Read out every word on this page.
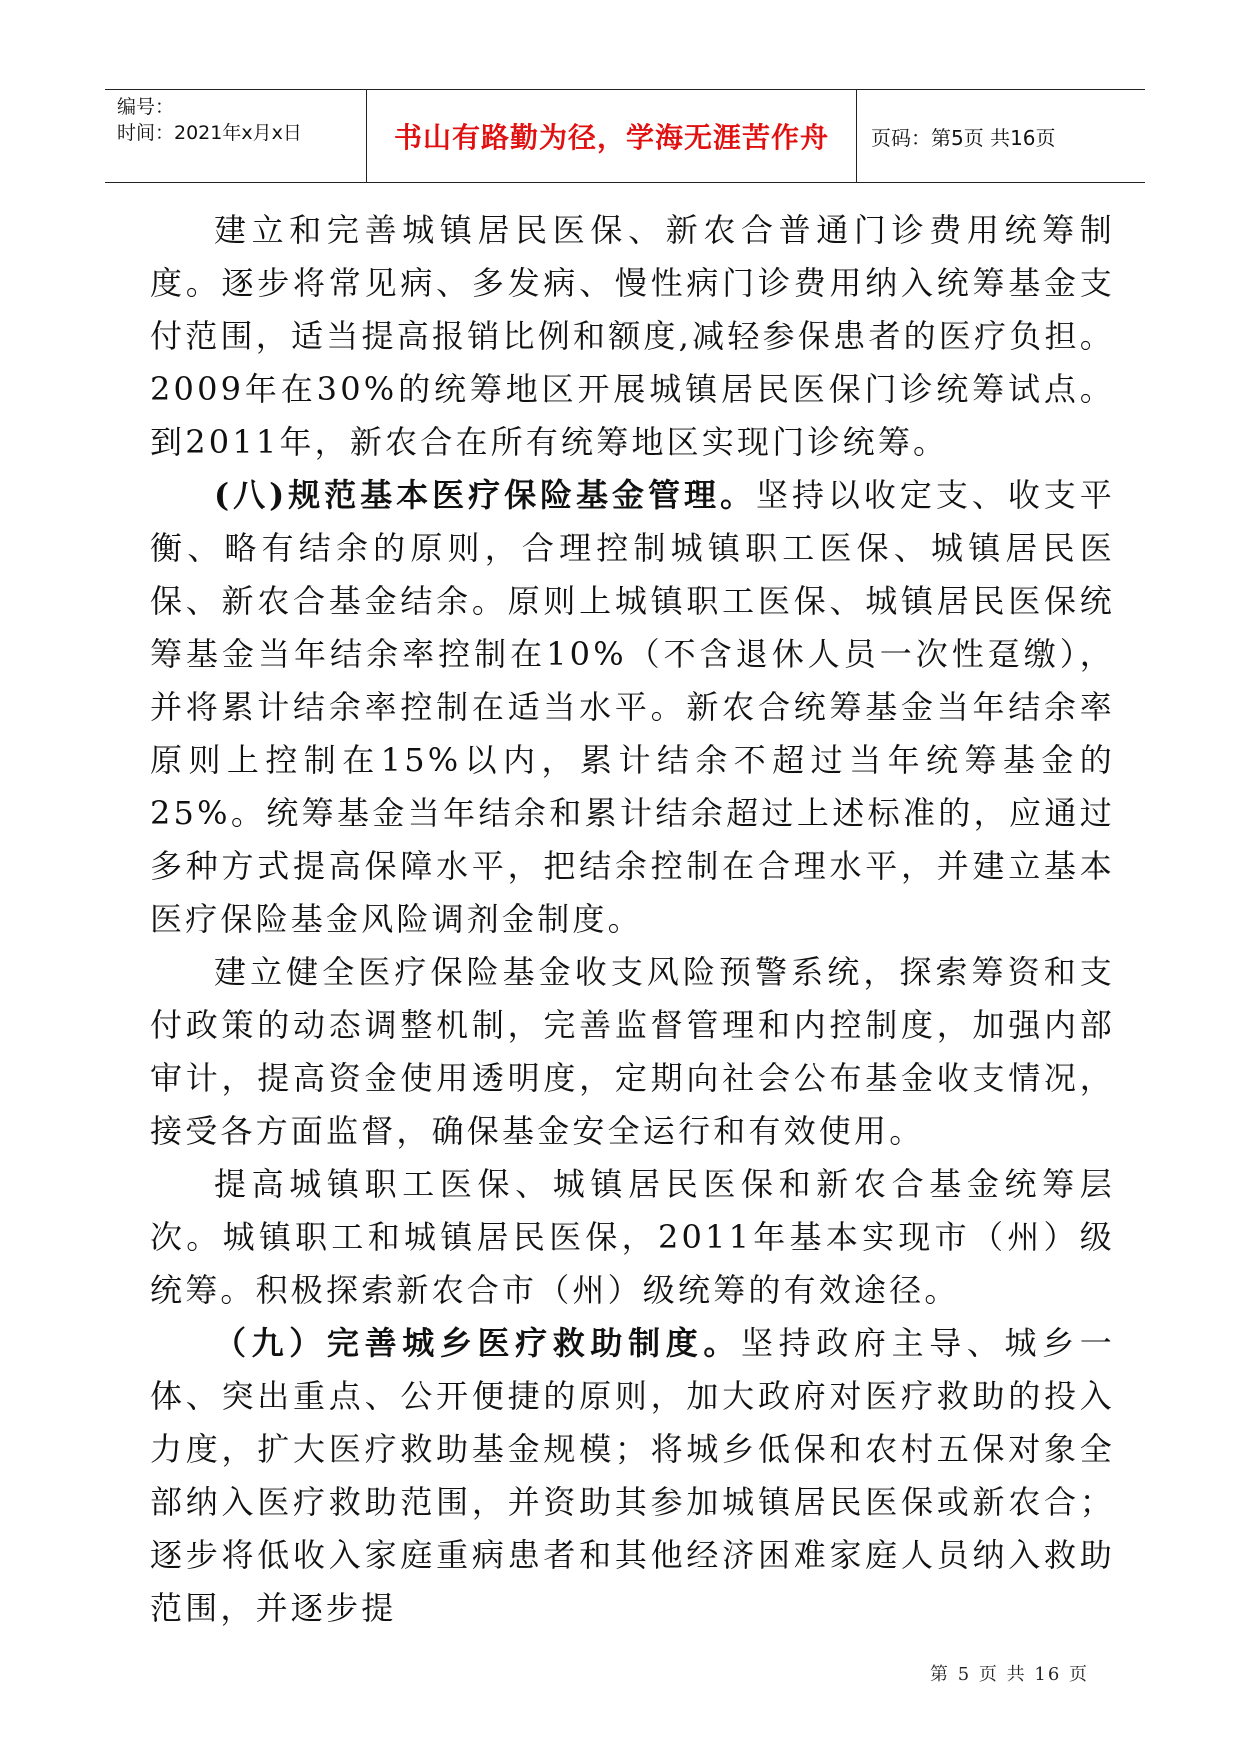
编号：
时间：2021年x月x日	书山有路勤为径，学海无涯苦作舟	页码：第5页 共16页

建立和完善城镇居民医保、新农合普通门诊费用统筹制度。逐步将常见病、多发病、慢性病门诊费用纳入统筹基金支付范围，适当提高报销比例和额度,减轻参保患者的医疗负担。2009年在30%的统筹地区开展城镇居民医保门诊统筹试点。到2011年，新农合在所有统筹地区实现门诊统筹。

(八)规范基本医疗保险基金管理。坚持以收定支、收支平衡、略有结余的原则，合理控制城镇职工医保、城镇居民医保、新农合基金结余。原则上城镇职工医保、城镇居民医保统筹基金当年结余率控制在10%（不含退休人员一次性趸缴），并将累计结余率控制在适当水平。新农合统筹基金当年结余率原则上控制在15%以内，累计结余不超过当年统筹基金的25%。统筹基金当年结余和累计结余超过上述标准的，应通过多种方式提高保障水平，把结余控制在合理水平，并建立基本医疗保险基金风险调剂金制度。

建立健全医疗保险基金收支风险预警系统，探索筹资和支付政策的动态调整机制，完善监督管理和内控制度，加强内部审计，提高资金使用透明度，定期向社会公布基金收支情况，接受各方面监督，确保基金安全运行和有效使用。

提高城镇职工医保、城镇居民医保和新农合基金统筹层次。城镇职工和城镇居民医保，2011年基本实现市（州）级统筹。积极探索新农合市（州）级统筹的有效途径。

（九）完善城乡医疗救助制度。坚持政府主导、城乡一体、突出重点、公开便捷的原则，加大政府对医疗救助的投入力度，扩大医疗救助基金规模；将城乡低保和农村五保对象全部纳入医疗救助范围，并资助其参加城镇居民医保或新农合；逐步将低收入家庭重病患者和其他经济困难家庭人员纳入救助范围，并逐步提

第 5 页 共 16 页
